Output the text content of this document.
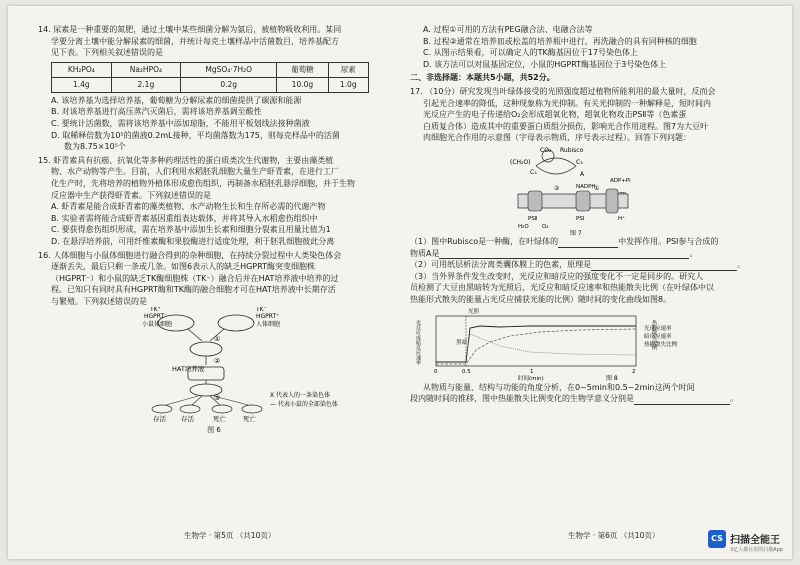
14. 尿素是一种重要的氮肥，通过土壤中某些细菌分解为氨后，被植物吸收利用。某同

学要分离土壤中能分解尿素的细菌，并统计每克土壤样品中活菌数目，培养基配方

见下表。下列相关叙述错误的是

KH₂PO₄	Na₂HPO₄	MgSO₄·7H₂O	葡萄糖	尿素
1.4g	2.1g	0.2g	10.0g	1.0g

A. 该培养基为选择培养基，葡萄糖为分解尿素的细菌提供了碳源和能源

B. 对该培养基进行高压蒸汽灭菌后，需将该培养基调至酸性

C. 要统计活菌数，需将该培养基中添加琼脂，不能用平板划线法接种菌液

D. 取稀释倍数为10⁵的菌液0.2mL接种，平均菌落数为175，则每克样品中的活菌

数为8.75×10⁵个

15. 虾青素具有抗癌、抗氧化等多种药理活性的蛋白质类次生代谢物，主要由藻类植

物、水产动物等产生。目前，人们利用水稻胚乳细胞大量生产虾青素，在进行工厂

化生产时，先将培养的植物外植体形成愈伤组织，再制备水稻胚乳悬浮细胞，并于生物

反应器中生产获得虾青素。下列叙述错误的是

A. 虾青素是能合成虾青素的藻类植物、水产动物生长和生存所必需的代谢产物

B. 实验者需将能合成虾青素基因重组表达载体，并将其导入水稻愈伤组织中

C. 要获得愈伤组织形成，需在培养基中添加生长素和细胞分裂素且用量比值为1

D. 在悬浮培养前，可用纤维素酶和果胶酶进行适度处理，利于胚乳细胞彼此分离

16. 人体细胞与小鼠体细胞进行融合得到的杂种细胞，在持续分裂过程中人类染色体会

逐渐丢失，最后只剩一条或几条。如图6表示人的缺乏HGPRT酶突变细胞株

（HGPRT⁻）和小鼠的缺乏TK酶细胞株（TK⁻）融合后并在HAT培养液中培养的过

程。已知只有同时具有HGPRT酶和TK酶的融合细胞才可在HAT培养液中长期存活

与繁殖。下列叙述错误的是

TK⁺
HGPRT⁻
小鼠体细胞
TK⁻
HGPRT⁺
人体细胞
①
HAT培养液
②
③
存活 存活	死亡	死亡
X 代表人的一条染色体
— 代表小鼠的全部染色体
图 6
生物学 · 第5页 （共10页）

A. 过程①可用的方法有PEG融合法、电融合法等

B. 过程②通常在培养皿或松盖的培养瓶中进行，再洗融合的具有同种核的细胞

C. 从图示结果看，可以确定人的TK酶基因位于17号染色体上

D. 该方法可以对鼠基因定位，小鼠的HGPRT酶基因位于3号染色体上

二、非选择题：本题共5小题，共52分。

17. （10分）研究发现当叶绿体接受的光照强度超过植物所能利用的最大量时，反而会

引起光合速率的降低，这种现象称为光抑制。有关光抑制的一种解释是，短时间内

光反应产生的电子传递给O₂会形成超氧化物，超氧化物攻击PSⅡ等（色素蛋

白质复合体）造成其中的重要蛋白质组分损伤，影响光合作用进程。图7为大豆叶

肉细胞光合作用的示意图（字母表示物质，序号表示过程）。回答下列问题：

CO₂ Rubisco
(CH₂O)	C₃
C₅	A
ADP+Pi
NADPH
PSⅡ	PSⅠ	H⁺
H₂O O₂
②	①
图 7

（1）图中Rubisco是一种酶，在叶绿体的	中发挥作用。PSⅠ参与合成的

物质A是	。

（2）可用纸层析法分离类囊体膜上的色素，原理是	。

（3）当外界条件发生改变时，光反应和暗反应的强度变化不一定是同步的。研究人

员检测了大豆由黑暗转为光照后，光反应和暗反应速率和热能散失比例（在叶绿体中以

热能形式散失的能量占光反应捕获光能的比例）随时间的变化曲线如图8。

光照
黑暗
光反应或暗反应速率	热能散失比例
光反应速率
暗反应速率
热能散失比例
0	0.5	1	2
时间(min)	图 8

从物质与能量、结构与功能的角度分析，在0~5min和0.5~2min这两个时间

段内随时间的推移，图中热能散失比例变化的生物学意义分别是	。

生物学 · 第6页 （共10页）	CS 扫描全能王
3亿人都在用的扫描App
